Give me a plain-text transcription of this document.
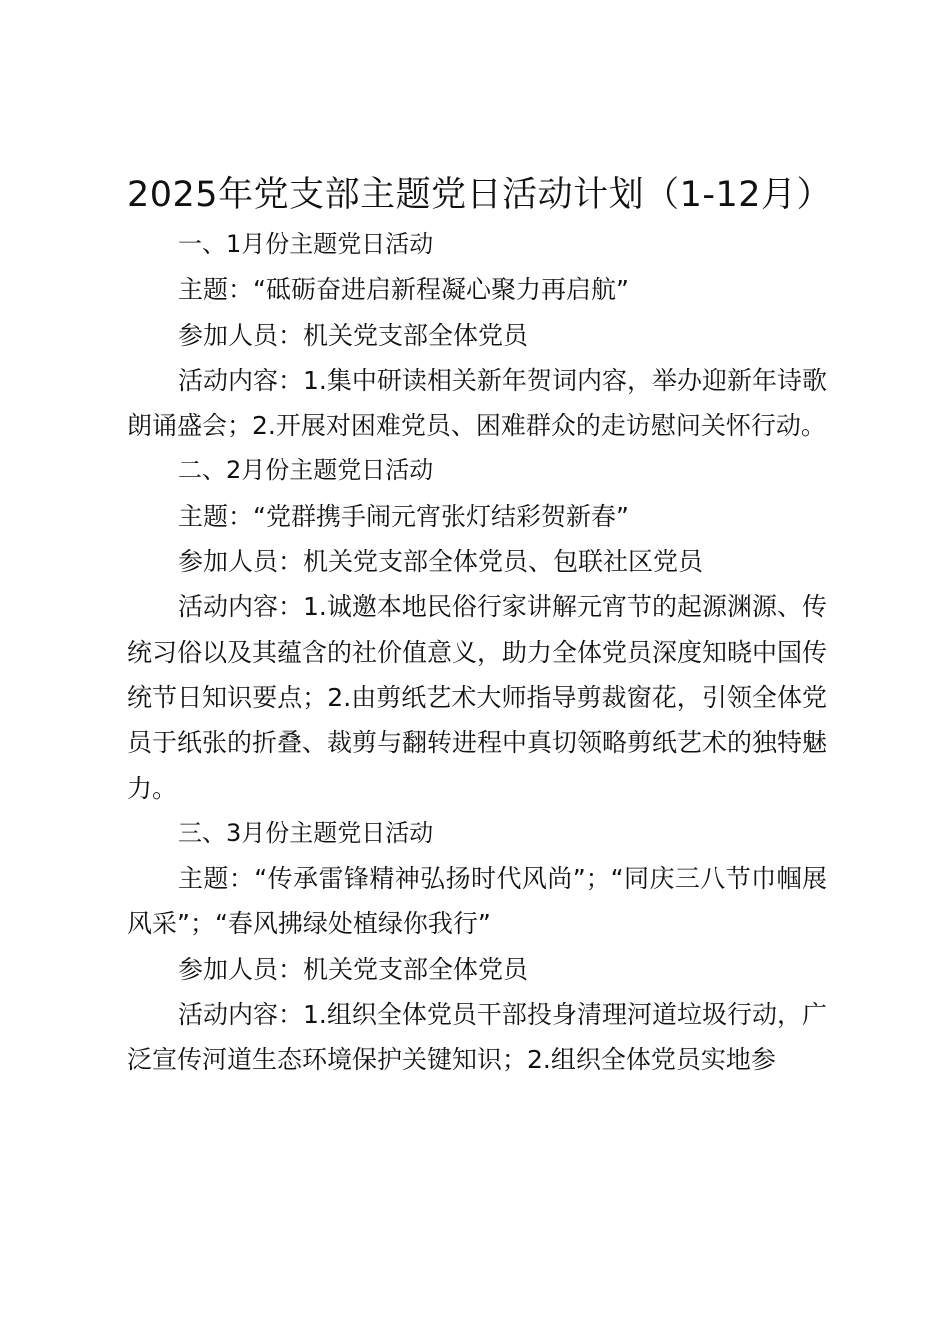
2025年党支部主题党日活动计划（1-12月）

一、1月份主题党日活动

主题：“砥砺奋进启新程凝心聚力再启航”

参加人员：机关党支部全体党员

活动内容：1.集中研读相关新年贺词内容，举办迎新年诗歌朗诵盛会；2.开展对困难党员、困难群众的走访慰问关怀行动。

二、2月份主题党日活动

主题：“党群携手闹元宵张灯结彩贺新春”

参加人员：机关党支部全体党员、包联社区党员

活动内容：1.诚邀本地民俗行家讲解元宵节的起源渊源、传统习俗以及其蕴含的社价值意义，助力全体党员深度知晓中国传统节日知识要点；2.由剪纸艺术大师指导剪裁窗花，引领全体党员于纸张的折叠、裁剪与翻转进程中真切领略剪纸艺术的独特魅力。

三、3月份主题党日活动

主题：“传承雷锋精神弘扬时代风尚”；“同庆三八节巾帼展风采”；“春风拂绿处植绿你我行”

参加人员：机关党支部全体党员

活动内容：1.组织全体党员干部投身清理河道垃圾行动，广泛宣传河道生态环境保护关键知识；2.组织全体党员实地参
